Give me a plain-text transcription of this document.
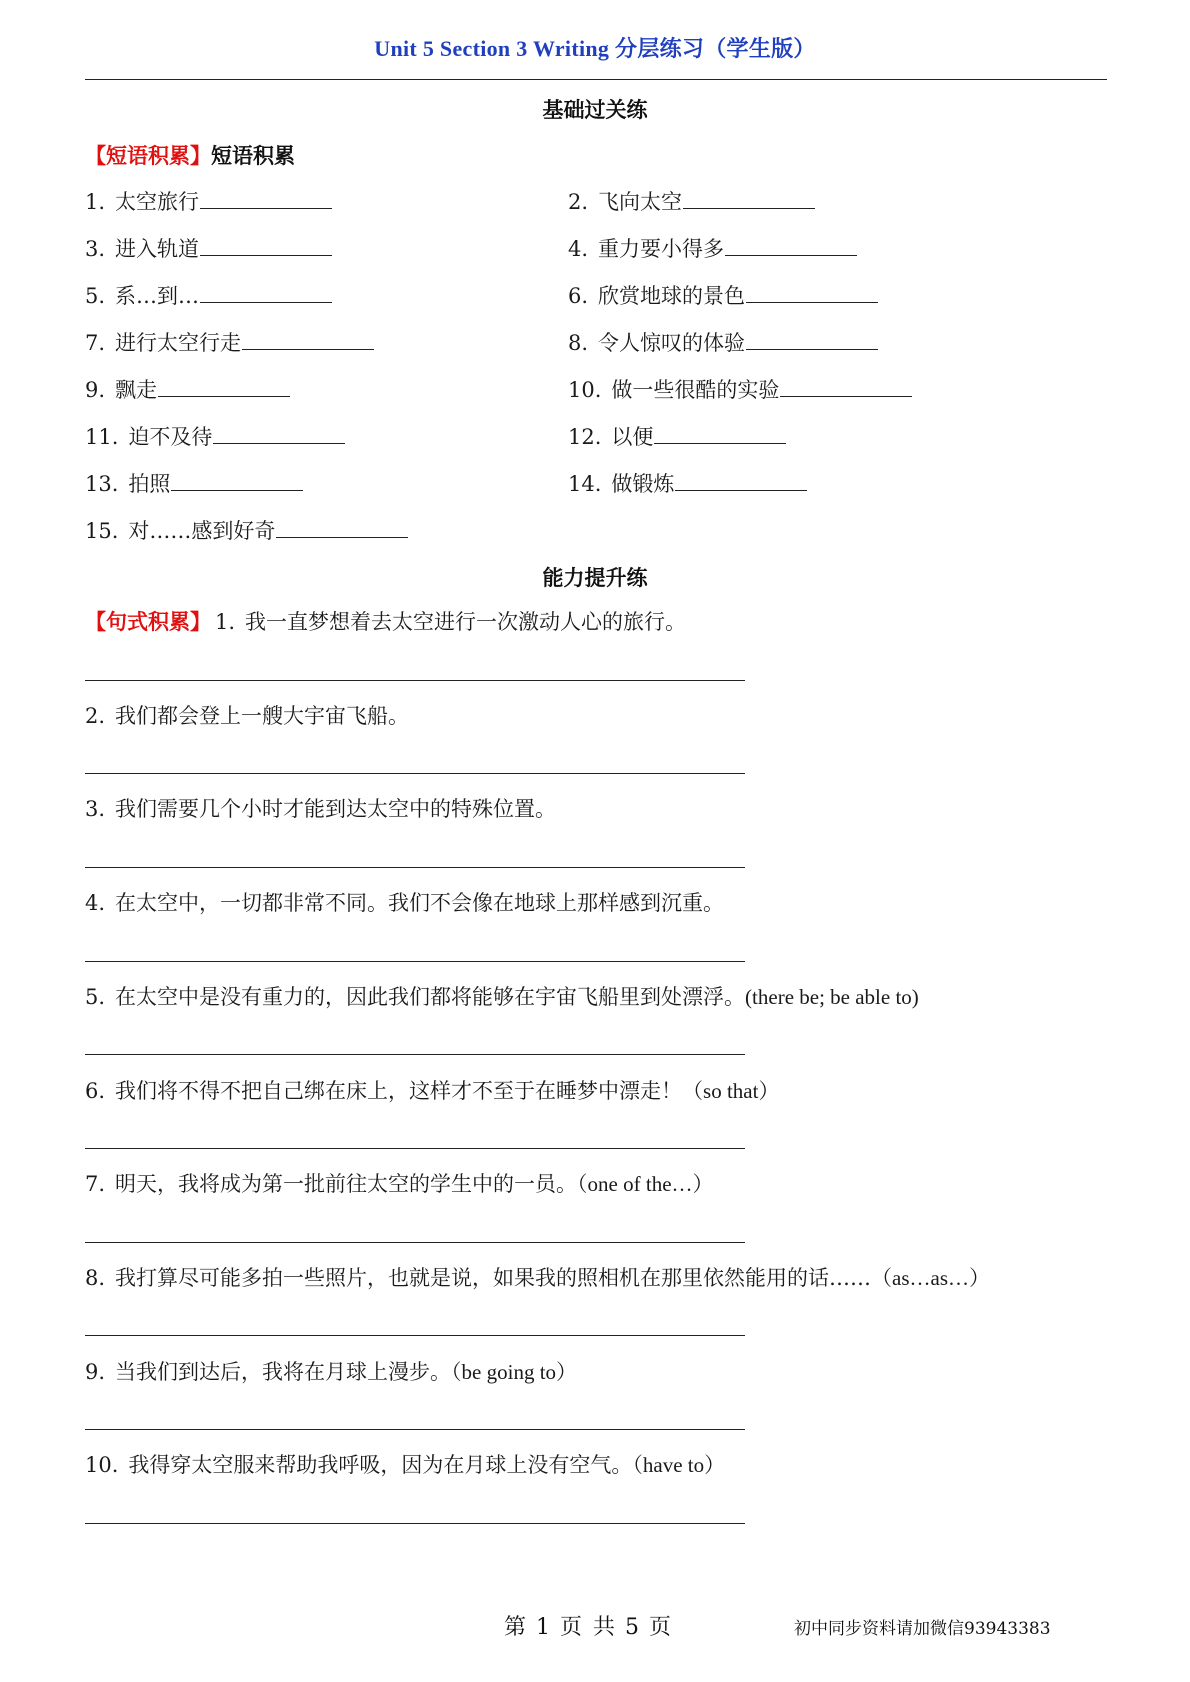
Unit 5 Section 3 Writing 分层练习（学生版）
基础过关练
【短语积累】短语积累
1. 太空旅行	2. 飞向太空
3. 进入轨道	4. 重力要小得多
5. 系…到…	6. 欣赏地球的景色
7. 进行太空行走	8. 令人惊叹的体验
9. 飘走	10. 做一些很酷的实验
11. 迫不及待	12. 以便
13. 拍照	14. 做锻炼
15. 对……感到好奇
能力提升练
【句式积累】 1. 我一直梦想着去太空进行一次激动人心的旅行。
2. 我们都会登上一艘大宇宙飞船。
3. 我们需要几个小时才能到达太空中的特殊位置。
4. 在太空中，一切都非常不同。我们不会像在地球上那样感到沉重。
5. 在太空中是没有重力的，因此我们都将能够在宇宙飞船里到处漂浮。(there be; be able to)
6. 我们将不得不把自己绑在床上，这样才不至于在睡梦中漂走！（so that）
7. 明天，我将成为第一批前往太空的学生中的一员。（one of the…）
8. 我打算尽可能多拍一些照片，也就是说，如果我的照相机在那里依然能用的话……（as…as…）
9. 当我们到达后，我将在月球上漫步。（be going to）
10. 我得穿太空服来帮助我呼吸，因为在月球上没有空气。（have to）
第 1 页 共 5 页	初中同步资料请加微信93943383
